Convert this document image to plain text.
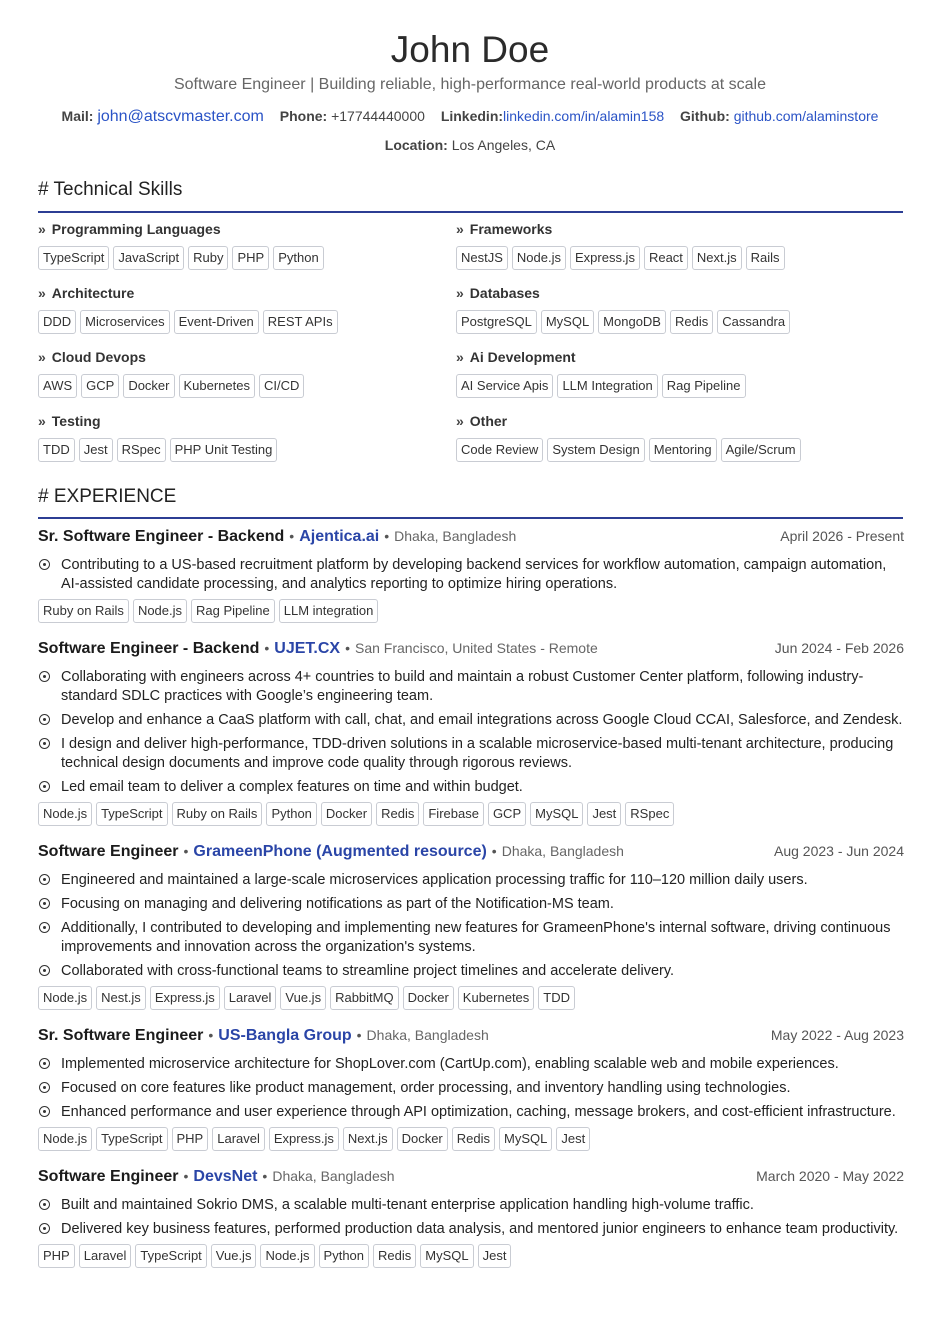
John Doe
Software Engineer | Building reliable, high-performance real-world products at scale
Mail: john@atscvmaster.com Phone: +17744440000 Linkedin:linkedin.com/in/alamin158 Github: github.com/alaminstore
Location: Los Angeles, CA
# Technical Skills
» Programming Languages
TypeScript	JavaScript	Ruby	PHP	Python
» Frameworks
NestJS	Node.js	Express.js	React	Next.js	Rails
» Architecture
DDD	Microservices	Event-Driven	REST APIs
» Databases
PostgreSQL	MySQL	MongoDB	Redis	Cassandra
» Cloud Devops
AWS	GCP	Docker	Kubernetes	CI/CD
» Ai Development
AI Service Apis	LLM Integration	Rag Pipeline
» Testing
TDD	Jest	RSpec	PHP Unit Testing
» Other
Code Review	System Design	Mentoring	Agile/Scrum
# EXPERIENCE
Sr. Software Engineer - Backend • Ajentica.ai • Dhaka, Bangladesh	April 2026 - Present
Contributing to a US-based recruitment platform by developing backend services for workflow automation, campaign automation, AI-assisted candidate processing, and analytics reporting to optimize hiring operations.
Ruby on Rails	Node.js	Rag Pipeline	LLM integration
Software Engineer - Backend • UJET.CX • San Francisco, United States - Remote	Jun 2024 - Feb 2026
Collaborating with engineers across 4+ countries to build and maintain a robust Customer Center platform, following industry-standard SDLC practices with Google’s engineering team.
Develop and enhance a CaaS platform with call, chat, and email integrations across Google Cloud CCAI, Salesforce, and Zendesk.
I design and deliver high-performance, TDD-driven solutions in a scalable microservice-based multi-tenant architecture, producing technical design documents and improve code quality through rigorous reviews.
Led email team to deliver a complex features on time and within budget.
Node.js	TypeScript	Ruby on Rails	Python	Docker	Redis	Firebase	GCP	MySQL	Jest	RSpec
Software Engineer • GrameenPhone (Augmented resource) • Dhaka, Bangladesh	Aug 2023 - Jun 2024
Engineered and maintained a large-scale microservices application processing traffic for 110–120 million daily users.
Focusing on managing and delivering notifications as part of the Notification-MS team.
Additionally, I contributed to developing and implementing new features for GrameenPhone's internal software, driving continuous improvements and innovation across the organization's systems.
Collaborated with cross-functional teams to streamline project timelines and accelerate delivery.
Node.js	Nest.js	Express.js	Laravel	Vue.js	RabbitMQ	Docker	Kubernetes	TDD
Sr. Software Engineer • US-Bangla Group • Dhaka, Bangladesh	May 2022 - Aug 2023
Implemented microservice architecture for ShopLover.com (CartUp.com), enabling scalable web and mobile experiences.
Focused on core features like product management, order processing, and inventory handling using technologies.
Enhanced performance and user experience through API optimization, caching, message brokers, and cost-efficient infrastructure.
Node.js	TypeScript	PHP	Laravel	Express.js	Next.js	Docker	Redis	MySQL	Jest
Software Engineer • DevsNet • Dhaka, Bangladesh	March 2020 - May 2022
Built and maintained Sokrio DMS, a scalable multi-tenant enterprise application handling high-volume traffic.
Delivered key business features, performed production data analysis, and mentored junior engineers to enhance team productivity.
PHP	Laravel	TypeScript	Vue.js	Node.js	Python	Redis	MySQL	Jest
